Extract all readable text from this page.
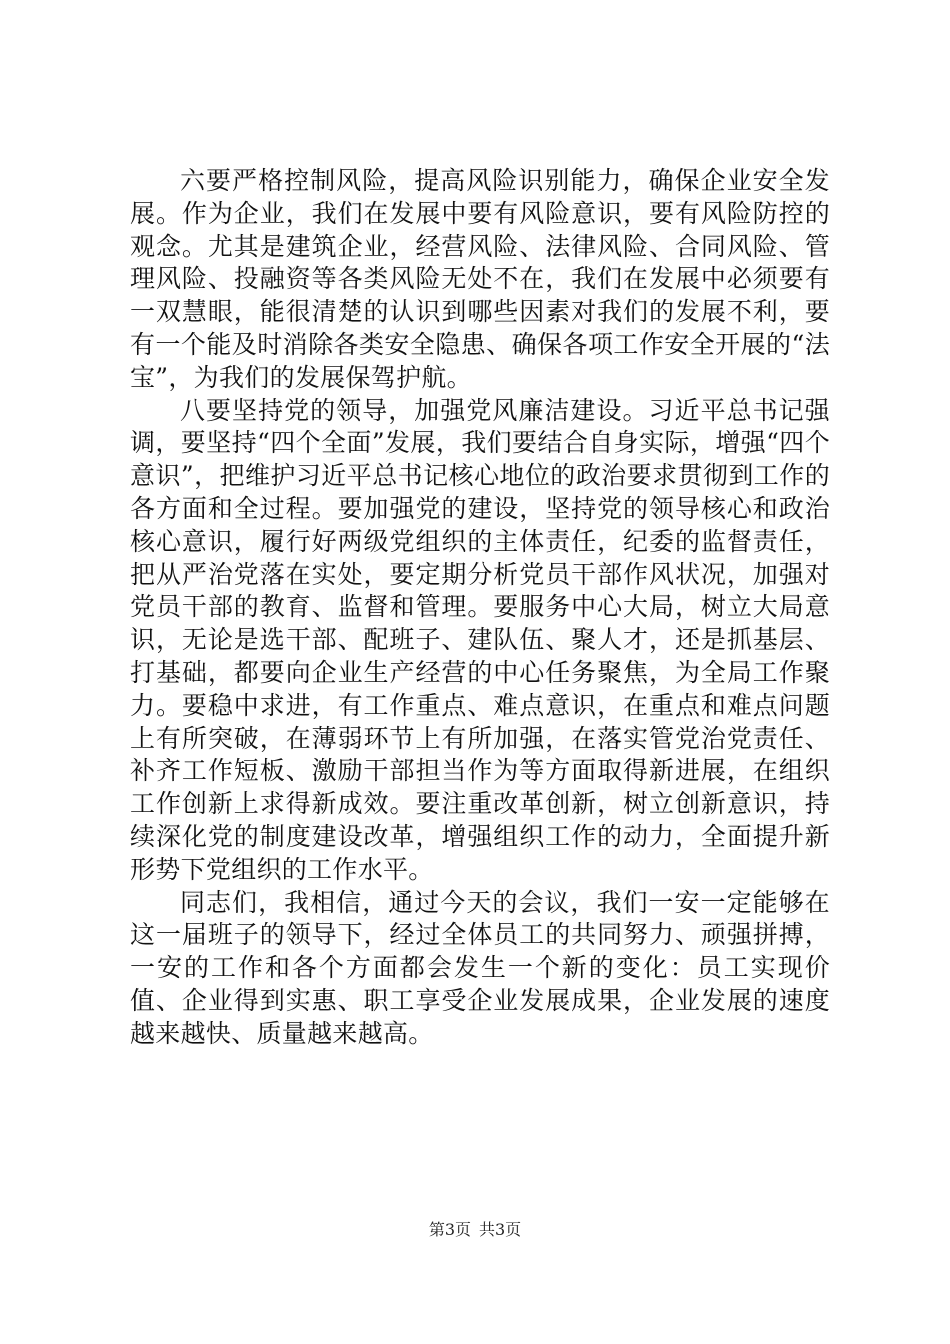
六要严格控制风险，提高风险识别能力，确保企业安全发展。作为企业，我们在发展中要有风险意识，要有风险防控的观念。尤其是建筑企业，经营风险、法律风险、合同风险、管理风险、投融资等各类风险无处不在，我们在发展中必须要有一双慧眼，能很清楚的认识到哪些因素对我们的发展不利，要有一个能及时消除各类安全隐患、确保各项工作安全开展的“法宝”，为我们的发展保驾护航。

八要坚持党的领导，加强党风廉洁建设。习近平总书记强调，要坚持“四个全面”发展，我们要结合自身实际，增强“四个意识”，把维护习近平总书记核心地位的政治要求贯彻到工作的各方面和全过程。要加强党的建设，坚持党的领导核心和政治核心意识，履行好两级党组织的主体责任，纪委的监督责任，把从严治党落在实处，要定期分析党员干部作风状况，加强对党员干部的教育、监督和管理。要服务中心大局，树立大局意识，无论是选干部、配班子、建队伍、聚人才，还是抓基层、打基础，都要向企业生产经营的中心任务聚焦，为全局工作聚力。要稳中求进，有工作重点、难点意识，在重点和难点问题上有所突破，在薄弱环节上有所加强，在落实管党治党责任、补齐工作短板、激励干部担当作为等方面取得新进展，在组织工作创新上求得新成效。要注重改革创新，树立创新意识，持续深化党的制度建设改革，增强组织工作的动力，全面提升新形势下党组织的工作水平。

同志们，我相信，通过今天的会议，我们一安一定能够在这一届班子的领导下，经过全体员工的共同努力、顽强拼搏，一安的工作和各个方面都会发生一个新的变化：员工实现价值、企业得到实惠、职工享受企业发展成果，企业发展的速度越来越快、质量越来越高。

第3页 共3页
